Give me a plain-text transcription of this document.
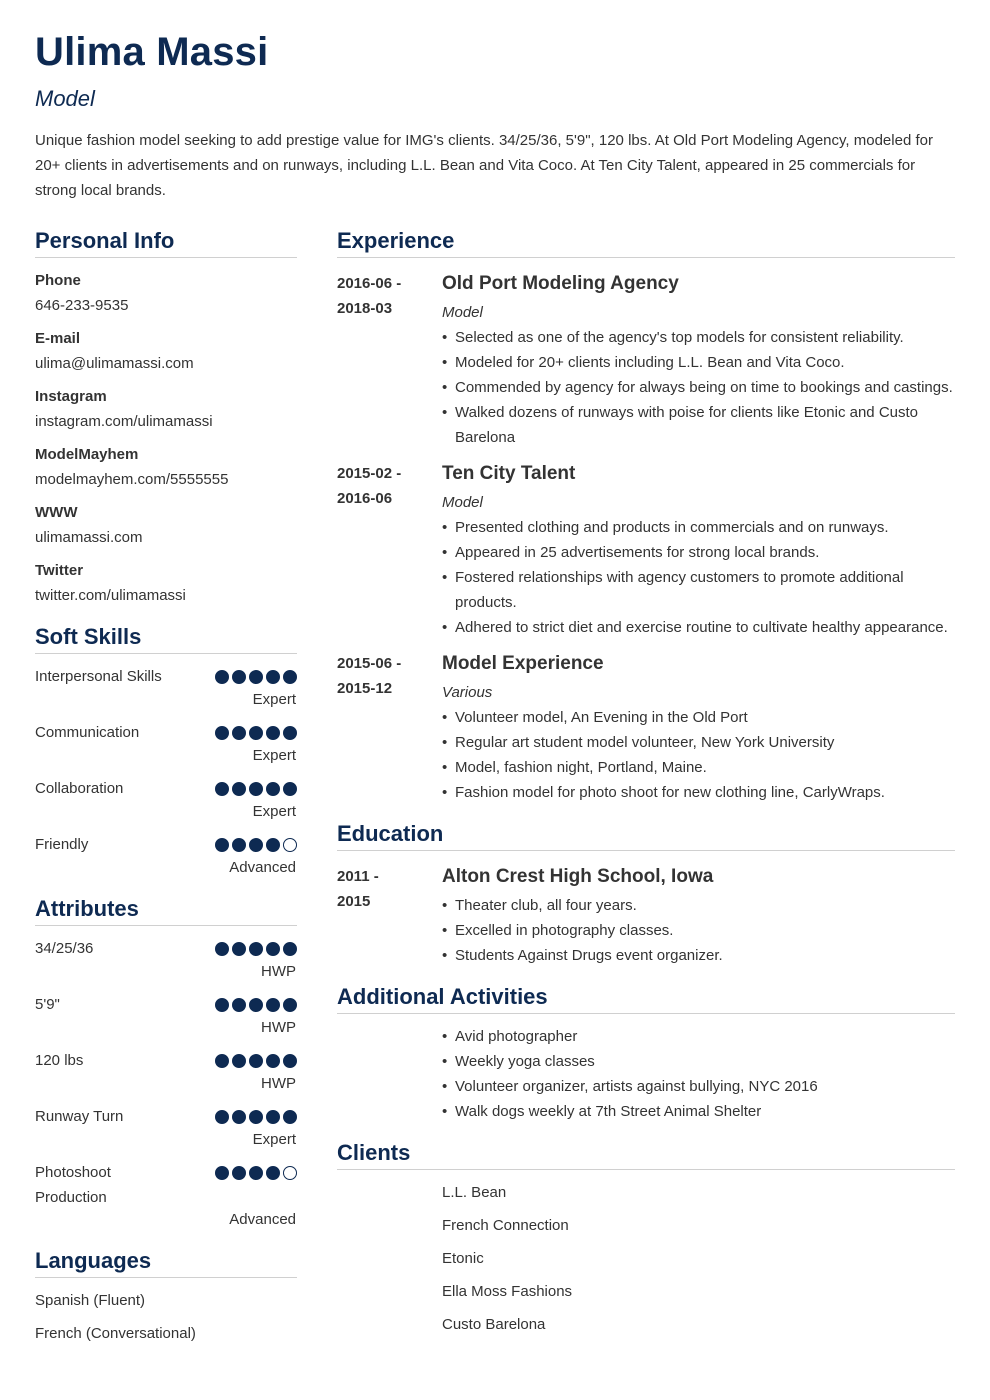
Ulima Massi
Model
Unique fashion model seeking to add prestige value for IMG's clients. 34/25/36, 5'9", 120 lbs. At Old Port Modeling Agency, modeled for 20+ clients in advertisements and on runways, including L.L. Bean and Vita Coco. At Ten City Talent, appeared in 25 commercials for strong local brands.
Personal Info
Phone
646-233-9535
E-mail
ulima@ulimamassi.com
Instagram
instagram.com/ulimamassi
ModelMayhem
modelmayhem.com/5555555
WWW
ulimamassi.com
Twitter
twitter.com/ulimamassi
Soft Skills
Interpersonal Skills
Expert
Communication
Expert
Collaboration
Expert
Friendly
Advanced
Attributes
34/25/36
HWP
5'9"
HWP
120 lbs
HWP
Runway Turn
Expert
Photoshoot
Production
Advanced
Languages
Spanish (Fluent)
French (Conversational)
Experience
2016-06 -
2018-03
Old Port Modeling Agency
Model
• Selected as one of the agency's top models for consistent reliability.
• Modeled for 20+ clients including L.L. Bean and Vita Coco.
• Commended by agency for always being on time to bookings and castings.
• Walked dozens of runways with poise for clients like Etonic and Custo Barelona
2015-02 -
2016-06
Ten City Talent
Model
• Presented clothing and products in commercials and on runways.
• Appeared in 25 advertisements for strong local brands.
• Fostered relationships with agency customers to promote additional products.
• Adhered to strict diet and exercise routine to cultivate healthy appearance.
2015-06 -
2015-12
Model Experience
Various
• Volunteer model, An Evening in the Old Port
• Regular art student model volunteer, New York University
• Model, fashion night, Portland, Maine.
• Fashion model for photo shoot for new clothing line, CarlyWraps.
Education
2011 -
2015
Alton Crest High School, Iowa
• Theater club, all four years.
• Excelled in photography classes.
• Students Against Drugs event organizer.
Additional Activities
• Avid photographer
• Weekly yoga classes
• Volunteer organizer, artists against bullying, NYC 2016
• Walk dogs weekly at 7th Street Animal Shelter
Clients
L.L. Bean
French Connection
Etonic
Ella Moss Fashions
Custo Barelona
